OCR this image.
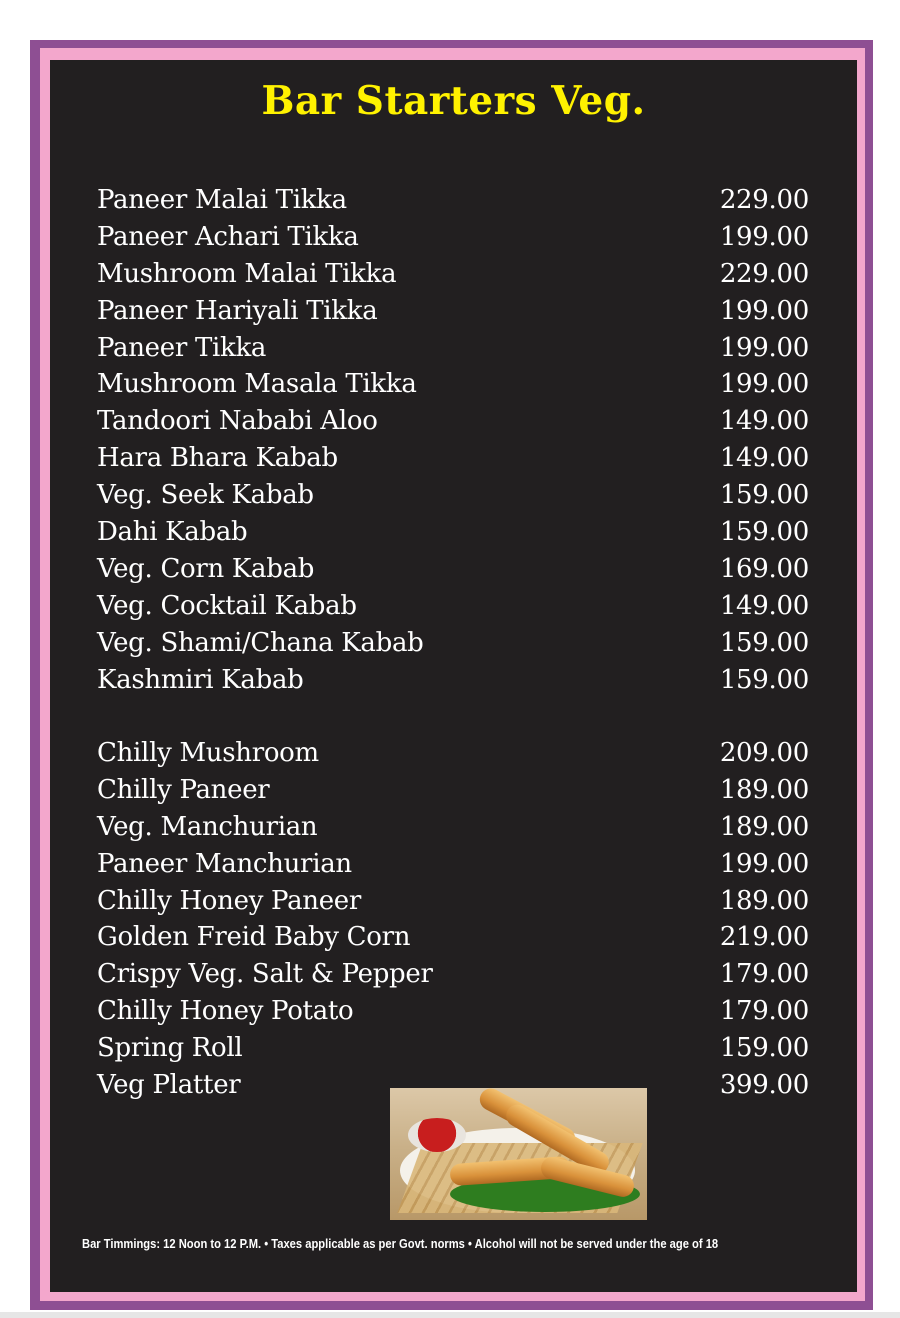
Bar Starters Veg.
Paneer Malai Tikka	229.00
Paneer Achari Tikka	199.00
Mushroom Malai Tikka	229.00
Paneer Hariyali Tikka	199.00
Paneer Tikka	199.00
Mushroom Masala Tikka	199.00
Tandoori Nababi Aloo	149.00
Hara Bhara Kabab	149.00
Veg. Seek Kabab	159.00
Dahi Kabab	159.00
Veg. Corn Kabab	169.00
Veg. Cocktail Kabab	149.00
Veg. Shami/Chana Kabab	159.00
Kashmiri Kabab	159.00
Chilly Mushroom	209.00
Chilly Paneer	189.00
Veg. Manchurian	189.00
Paneer Manchurian	199.00
Chilly Honey Paneer	189.00
Golden Freid Baby Corn	219.00
Crispy Veg. Salt & Pepper	179.00
Chilly Honey Potato	179.00
Spring Roll	159.00
Veg Platter	399.00
Bar Timmings: 12 Noon to 12 P.M. • Taxes applicable as per Govt. norms • Alcohol will not be served under the age of 18
